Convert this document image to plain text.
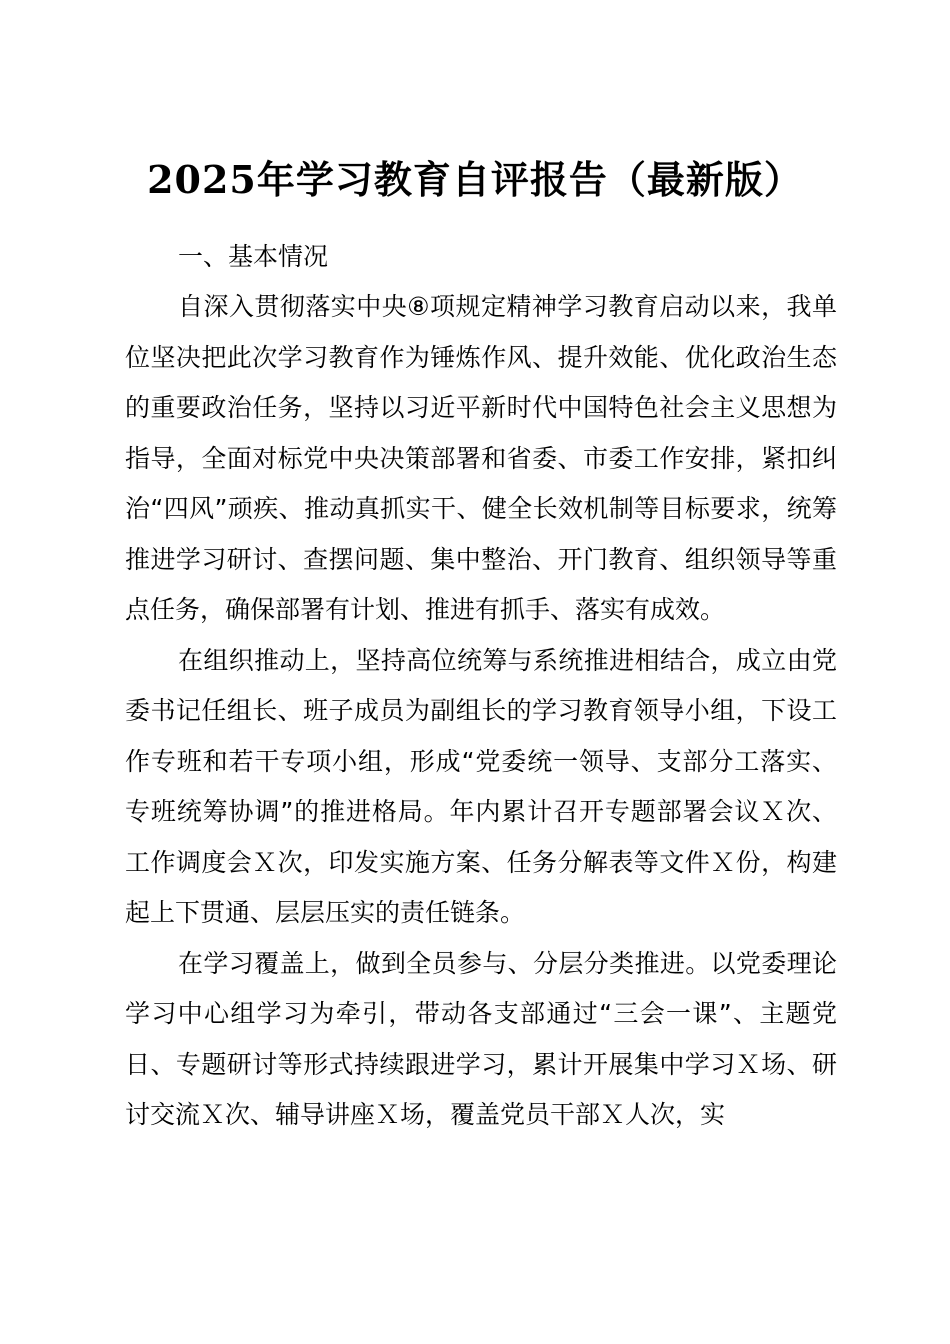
2025年学习教育自评报告（最新版）
一、基本情况

自深入贯彻落实中央⑧项规定精神学习教育启动以来，我单位坚决把此次学习教育作为锤炼作风、提升效能、优化政治生态的重要政治任务，坚持以习近平新时代中国特色社会主义思想为指导，全面对标党中央决策部署和省委、市委工作安排，紧扣纠治“四风”顽疾、推动真抓实干、健全长效机制等目标要求，统筹推进学习研讨、查摆问题、集中整治、开门教育、组织领导等重点任务，确保部署有计划、推进有抓手、落实有成效。

在组织推动上，坚持高位统筹与系统推进相结合，成立由党委书记任组长、班子成员为副组长的学习教育领导小组，下设工作专班和若干专项小组，形成“党委统一领导、支部分工落实、专班统筹协调”的推进格局。年内累计召开专题部署会议Ｘ次、工作调度会Ｘ次，印发实施方案、任务分解表等文件Ｘ份，构建起上下贯通、层层压实的责任链条。

在学习覆盖上，做到全员参与、分层分类推进。以党委理论学习中心组学习为牵引，带动各支部通过“三会一课”、主题党日、专题研讨等形式持续跟进学习，累计开展集中学习Ｘ场、研讨交流Ｘ次、辅导讲座Ｘ场，覆盖党员干部Ｘ人次，实
